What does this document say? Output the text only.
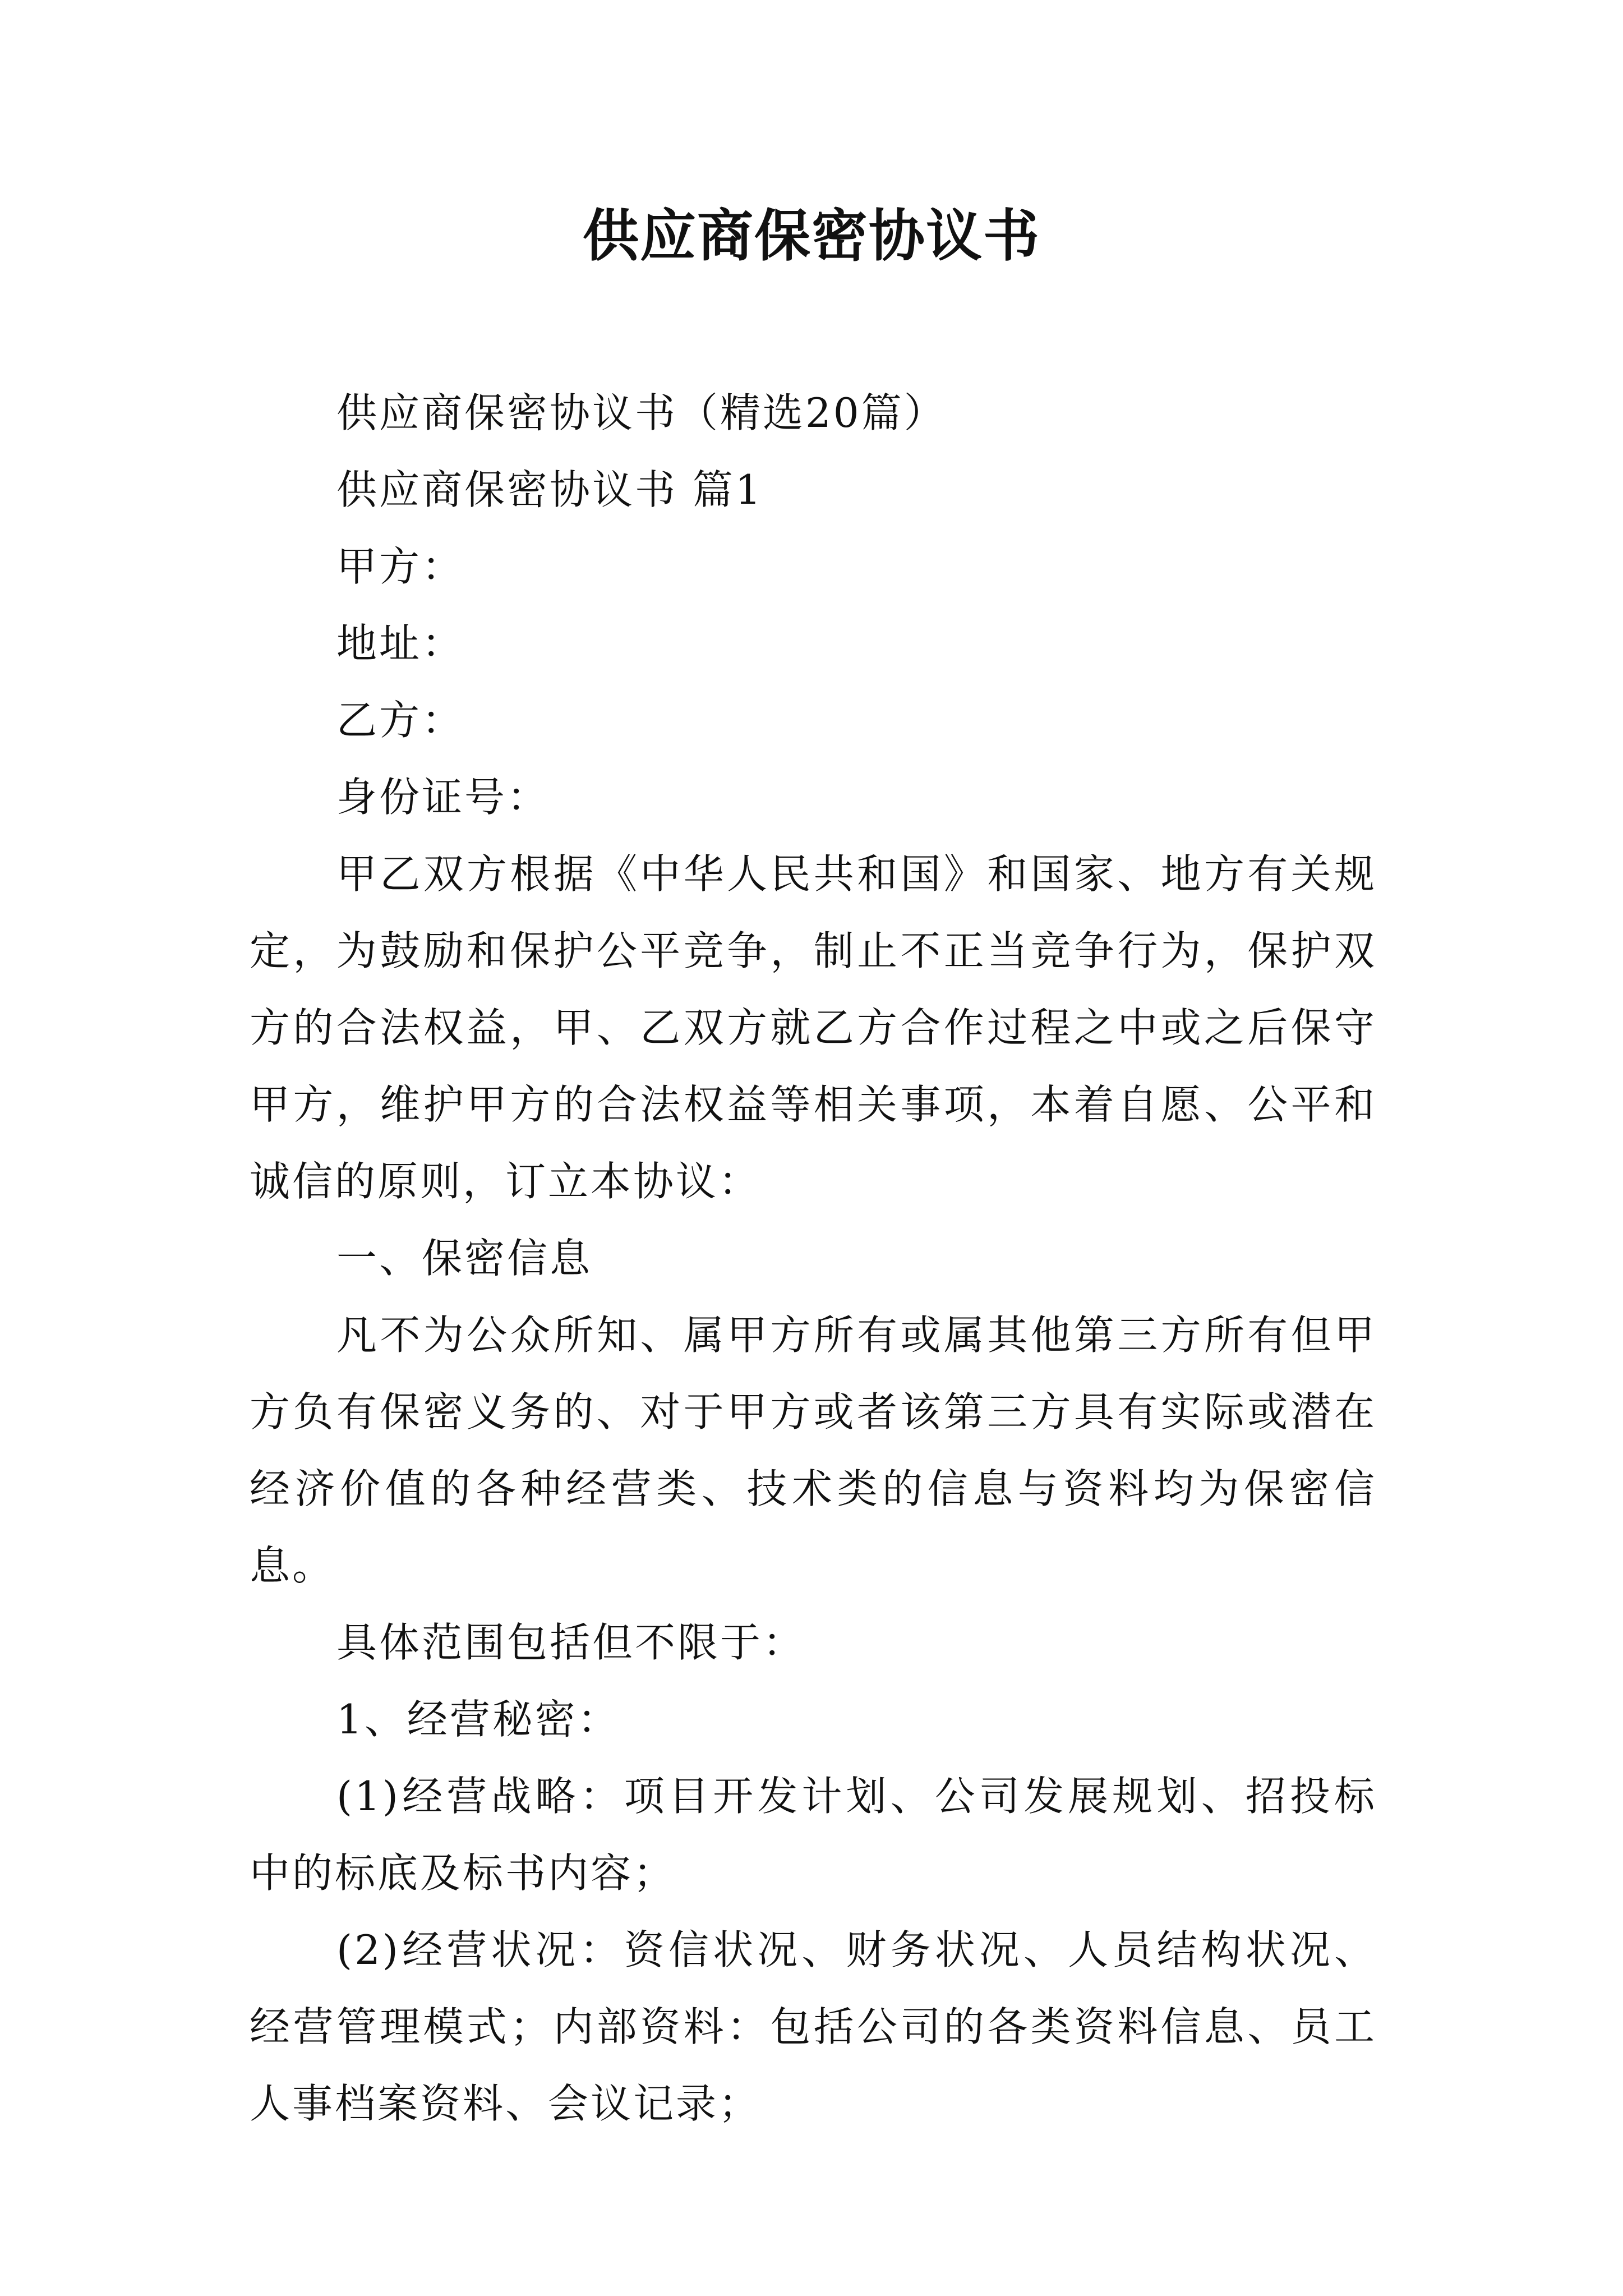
供应商保密协议书

供应商保密协议书（精选20篇）

供应商保密协议书 篇1

甲方：

地址：

乙方：

身份证号：

甲乙双方根据《中华人民共和国》和国家、地方有关规定，为鼓励和保护公平竞争，制止不正当竞争行为，保护双方的合法权益，甲、乙双方就乙方合作过程之中或之后保守甲方，维护甲方的合法权益等相关事项，本着自愿、公平和诚信的原则，订立本协议：

一、保密信息

凡不为公众所知、属甲方所有或属其他第三方所有但甲方负有保密义务的、对于甲方或者该第三方具有实际或潜在经济价值的各种经营类、技术类的信息与资料均为保密信息。

具体范围包括但不限于：

1、经营秘密：

(1)经营战略：项目开发计划、公司发展规划、招投标中的标底及标书内容；

(2)经营状况：资信状况、财务状况、人员结构状况、经营管理模式；内部资料：包括公司的各类资料信息、员工人事档案资料、会议记录；
